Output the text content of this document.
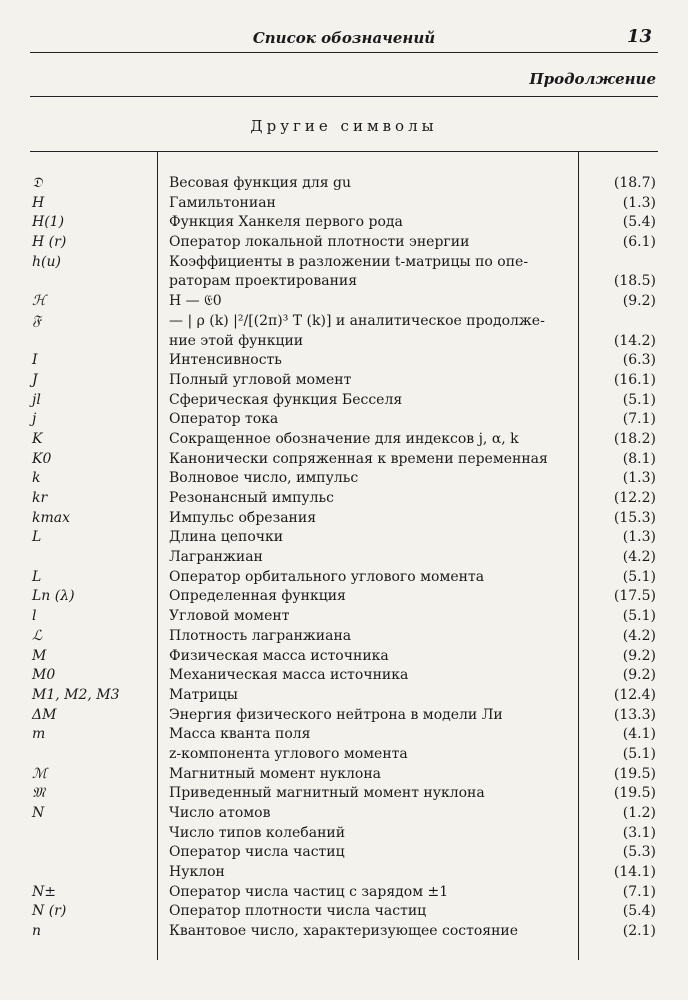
Список обозначений	13
Продолжение
Другие символы
𝔇	Весовая функция для gu	(18.7)
H	Гамильтониан	(1.3)
H(1)	Функция Ханкеля первого рода	(5.4)
H (r)	Оператор локальной плотности энергии	(6.1)
h(u)	Коэффициенты в разложении t-матрицы по опе-
раторам проектирования	(18.5)
ℋ	H — 𝔈0	(9.2)
𝔉	— | ρ (k) |²/[(2π)³ T (k)] и аналитическое продолже-
ние этой функции	(14.2)
I	Интенсивность	(6.3)
J	Полный угловой момент	(16.1)
jl	Сферическая функция Бесселя	(5.1)
j	Оператор тока	(7.1)
K	Сокращенное обозначение для индексов j, α, k	(18.2)
K0	Канонически сопряженная к времени переменная	(8.1)
k	Волновое число, импульс	(1.3)
kr	Резонансный импульс	(12.2)
kmax	Импульс обрезания	(15.3)
L	Длина цепочки	(1.3)
Лагранжиан	(4.2)
L	Оператор орбитального углового момента	(5.1)
Ln (λ)	Определенная функция	(17.5)
l	Угловой момент	(5.1)
ℒ	Плотность лагранжиана	(4.2)
M	Физическая масса источника	(9.2)
M0	Механическая масса источника	(9.2)
M1, M2, M3	Матрицы	(12.4)
ΔM	Энергия физического нейтрона в модели Ли	(13.3)
m	Масса кванта поля	(4.1)
z-компонента углового момента	(5.1)
ℳ	Магнитный момент нуклона	(19.5)
𝔐	Приведенный магнитный момент нуклона	(19.5)
N	Число атомов	(1.2)
Число типов колебаний	(3.1)
Оператор числа частиц	(5.3)
Нуклон	(14.1)
N±	Оператор числа частиц с зарядом ±1	(7.1)
N (r)	Оператор плотности числа частиц	(5.4)
n	Квантовое число, характеризующее состояние	(2.1)
